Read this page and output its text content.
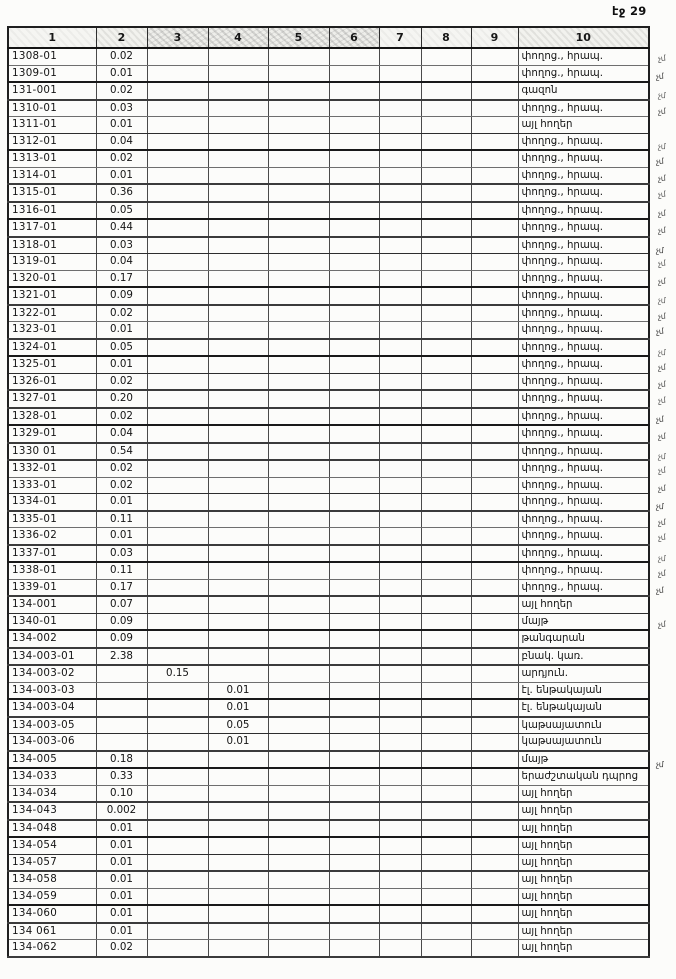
էջ 29
1	2	3	4	5	6	7	8	9	10
1308-01	0.02								փողոց., հրապ. չմ

1309-01	0.01								փողոց., հրապ. չմ

131-001	0.02								գազոն չմ

1310-01	0.03								փողոց., հրապ. չմ

1311-01	0.01								այլ հողեր
1312-01	0.04								փողոց., հրապ. չմ

1313-01	0.02								փողոց., հրապ. չմ

1314-01	0.01								փողոց., հրապ. չմ

1315-01	0.36								փողոց., հրապ. չմ

1316-01	0.05								փողոց., հրապ. չմ

1317-01	0.44								փողոց., հրապ. չմ

1318-01	0.03								փողոց., հրապ. չմ

1319-01	0.04								փողոց., հրապ. չմ

1320-01	0.17								փողոց., հրապ. չմ

1321-01	0.09								փողոց., հրապ. չմ

1322-01	0.02								փողոց., հրապ. չմ

1323-01	0.01								փողոց., հրապ. չմ

1324-01	0.05								փողոց., հրապ. չմ

1325-01	0.01								փողոց., հրապ. չմ

1326-01	0.02								փողոց., հրապ. չմ

1327-01	0.20								փողոց., հրապ. չմ

1328-01	0.02								փողոց., հրապ. չմ

1329-01	0.04								փողոց., հրապ. չմ

1330 01	0.54								փողոց., հրապ. չմ

1332-01	0.02								փողոց., հրապ. չմ

1333-01	0.02								փողոց., հրապ. չմ

1334-01	0.01								փողոց., հրապ. չմ

1335-01	0.11								փողոց., հրապ. չմ

1336-02	0.01								փողոց., հրապ. չմ

1337-01	0.03								փողոց., հրապ. չմ

1338-01	0.11								փողոց., հրապ. չմ

1339-01	0.17								փողոց., հրապ. չմ

134-001	0.07								այլ հողեր
1340-01	0.09								մայթ չմ

134-002	0.09								թանգարան
134-003-01	2.38								բնակ. կառ.
134-003-02		0.15							արդյուն.
134-003-03			0.01						էլ. ենթակայան
134-003-04			0.01						էլ. ենթակայան
134-003-05			0.05						կաթսայատուն
134-003-06			0.01						կաթսայատուն
134-005	0.18								մայթ չմ

134-033	0.33								երաժշտական դպրոց
134-034	0.10								այլ հողեր
134-043	0.002								այլ հողեր
134-048	0.01								այլ հողեր
134-054	0.01								այլ հողեր
134-057	0.01								այլ հողեր
134-058	0.01								այլ հողեր
134-059	0.01								այլ հողեր
134-060	0.01								այլ հողեր
134 061	0.01								այլ հողեր
134-062	0.02								այլ հողեր
